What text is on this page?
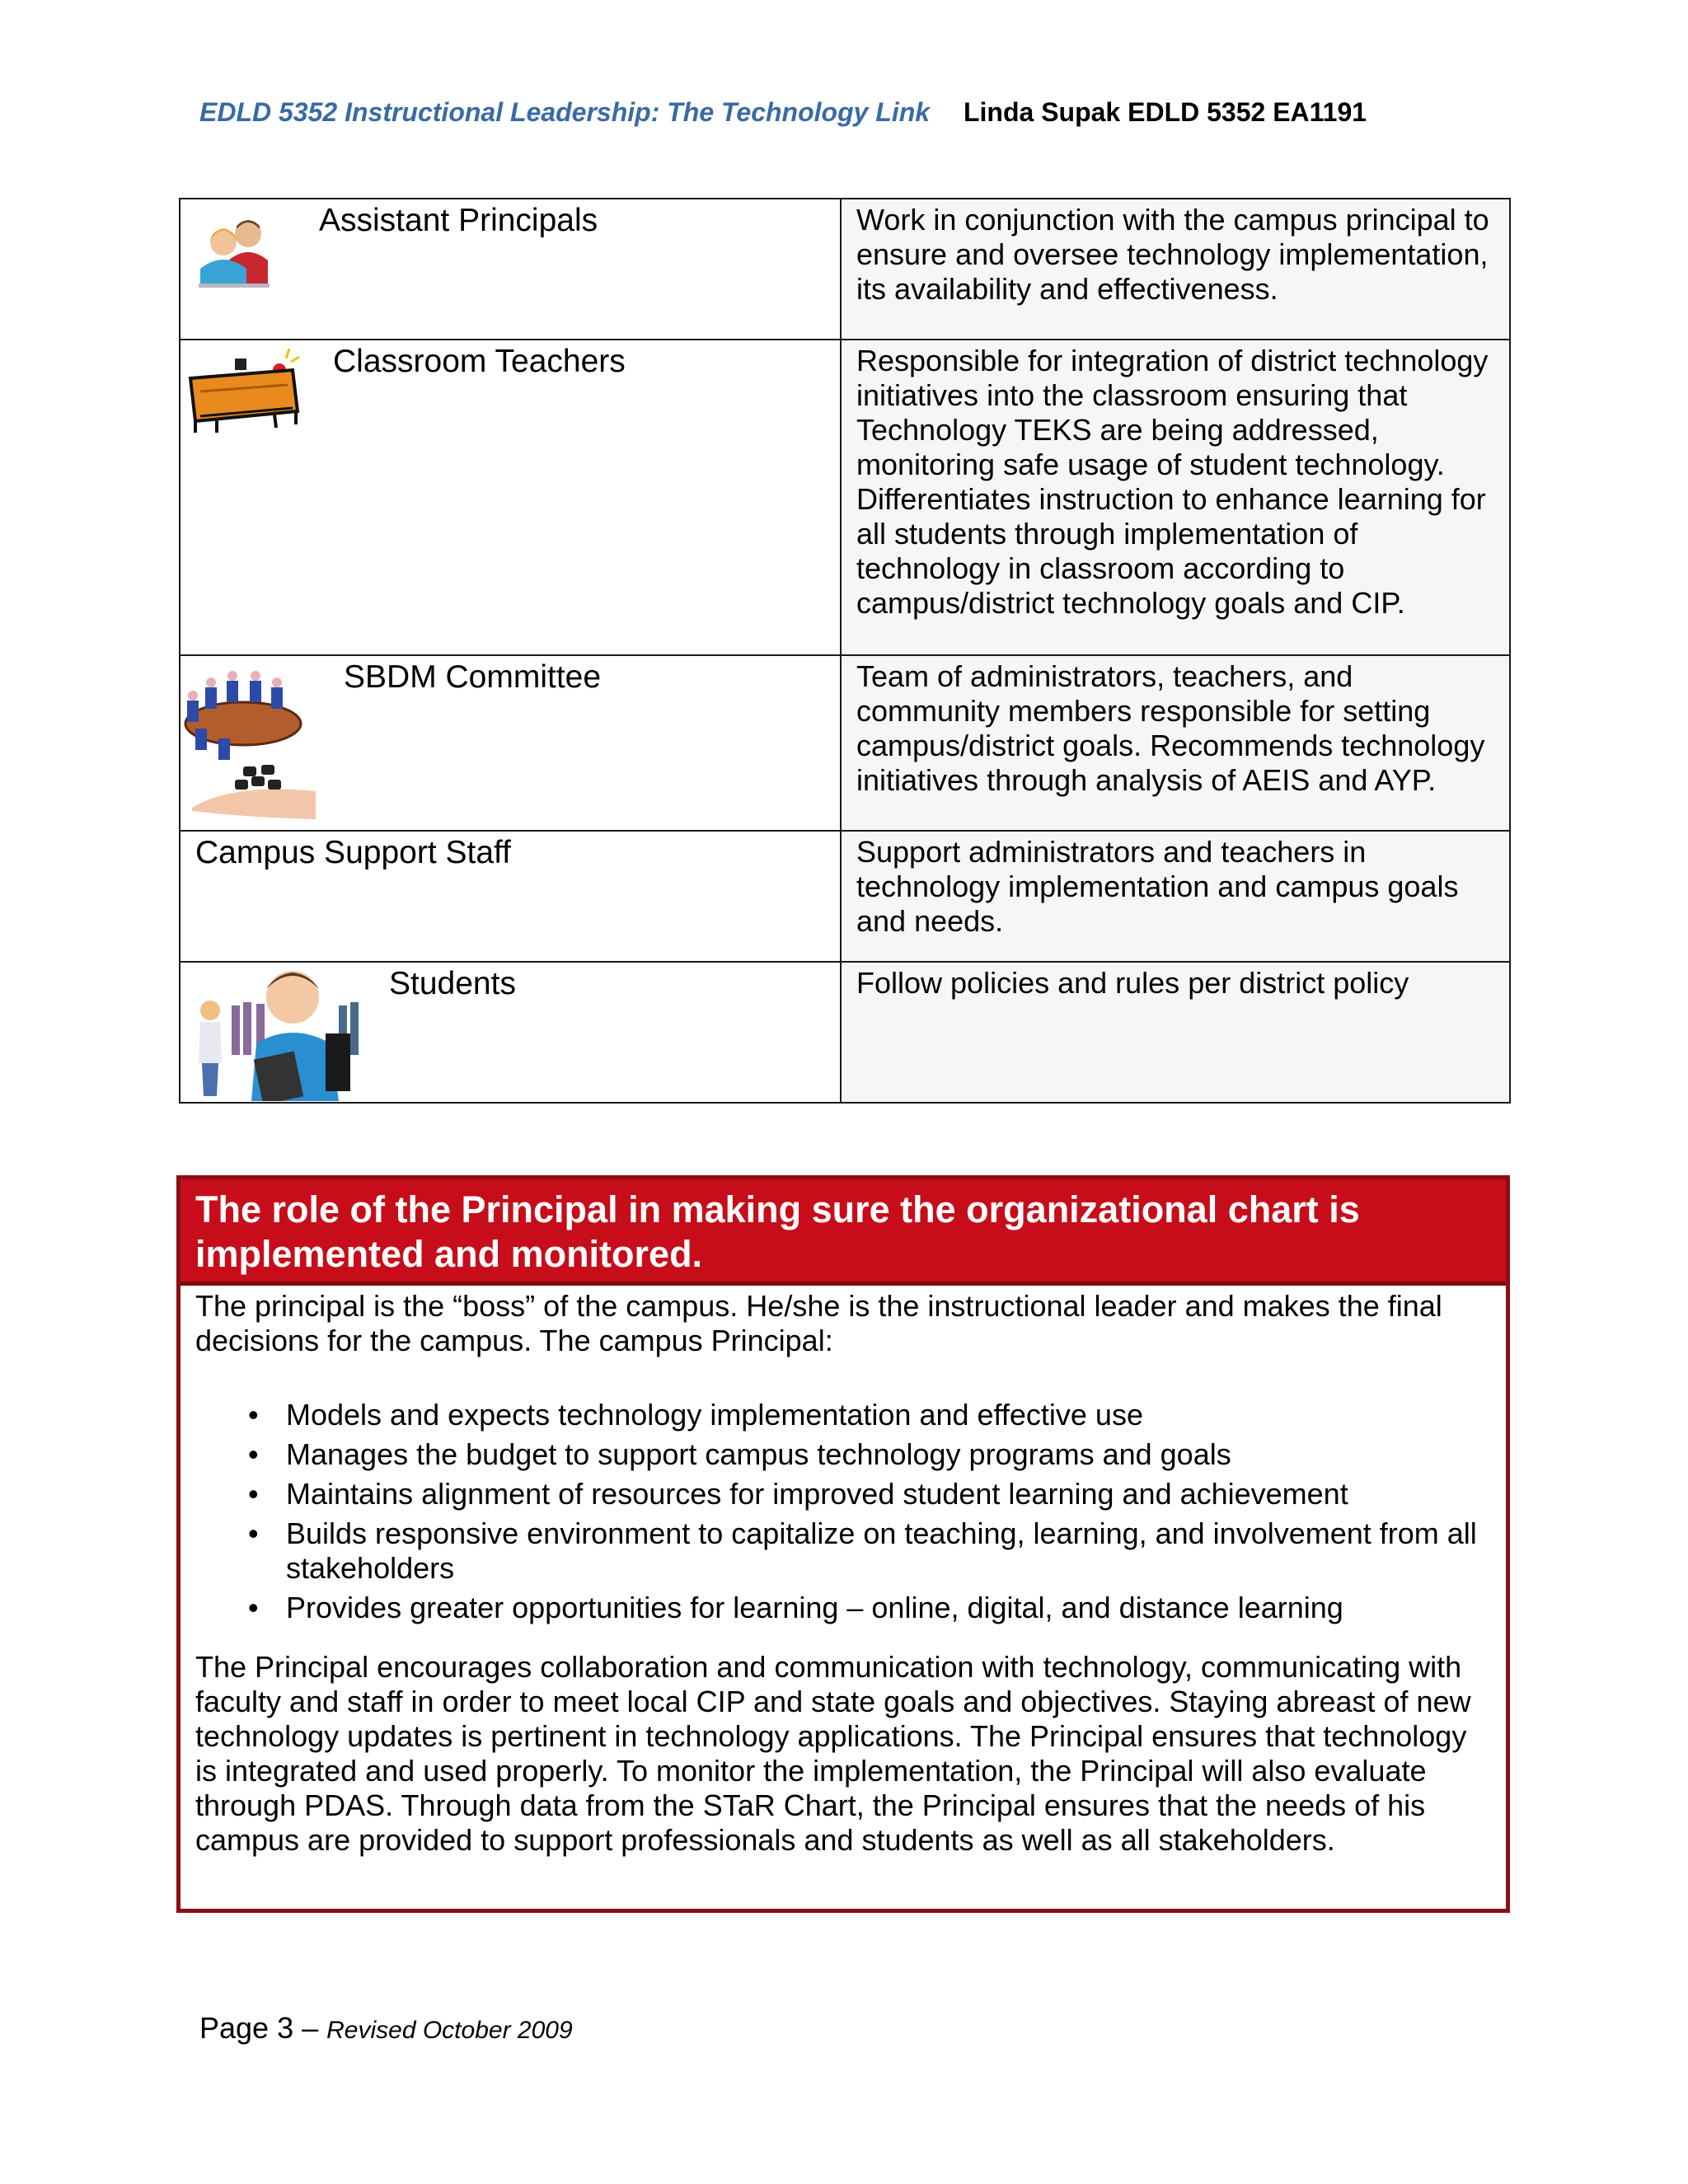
EDLD 5352 Instructional Leadership: The Technology Link Linda Supak EDLD 5352 EA1191
Assistant Principals	Work in conjunction with the campus principal to ensure and oversee technology implementation, its availability and effectiveness.

Classroom Teachers	Responsible for integration of district technology initiatives into the classroom ensuring that Technology TEKS are being addressed, monitoring safe usage of student technology. Differentiates instruction to enhance learning for all students through implementation of technology in classroom according to campus/district technology goals and CIP.

SBDM Committee	Team of administrators, teachers, and community members responsible for setting campus/district goals. Recommends technology initiatives through analysis of AEIS and AYP.

Campus Support Staff	Support administrators and teachers in technology implementation and campus goals and needs.

Students	Follow policies and rules per district policy
The role of the Principal in making sure the organizational chart is implemented and monitored.

The principal is the “boss” of the campus. He/she is the instructional leader and makes the final decisions for the campus. The campus Principal:

• Models and expects technology implementation and effective use
• Manages the budget to support campus technology programs and goals
• Maintains alignment of resources for improved student learning and achievement
• Builds responsive environment to capitalize on teaching, learning, and involvement from all stakeholders
• Provides greater opportunities for learning – online, digital, and distance learning

The Principal encourages collaboration and communication with technology, communicating with faculty and staff in order to meet local CIP and state goals and objectives. Staying abreast of new technology updates is pertinent in technology applications. The Principal ensures that technology is integrated and used properly. To monitor the implementation, the Principal will also evaluate through PDAS. Through data from the STaR Chart, the Principal ensures that the needs of his campus are provided to support professionals and students as well as all stakeholders.

Page 3 – Revised October 2009
